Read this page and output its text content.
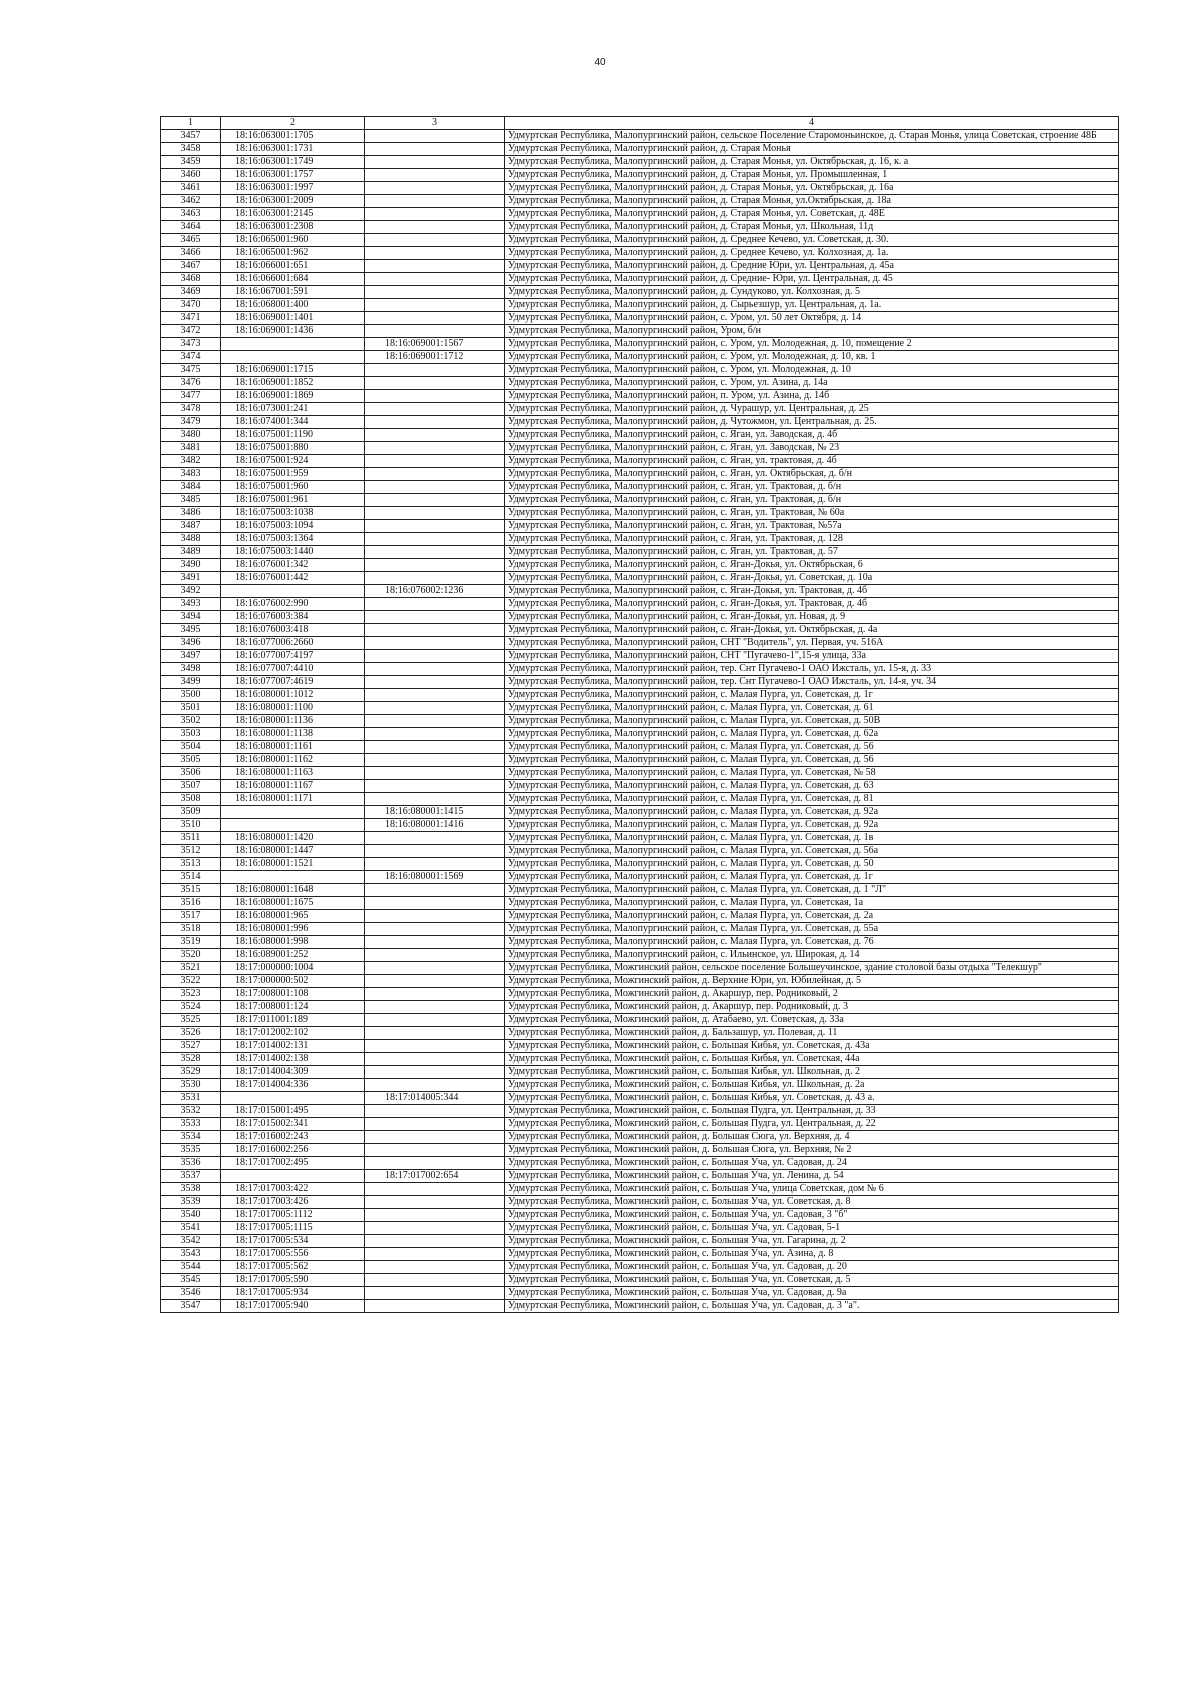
40
1	2	3	4
3457	18:16:063001:1705		Удмуртская Республика, Малопургинский район, сельское Поселение Старомоньинское, д. Старая Монья, улица Советская, строение 48Б
3458	18:16:063001:1731		Удмуртская Республика, Малопургинский район, д. Старая Монья
3459	18:16:063001:1749		Удмуртская Республика, Малопургинский район, д. Старая Монья, ул. Октябрьская, д. 16, к. а
3460	18:16:063001:1757		Удмуртская Республика, Малопургинский район, д. Старая Монья, ул. Промышленная, 1
3461	18:16:063001:1997		Удмуртская Республика, Малопургинский район, д. Старая Монья, ул. Октябрьская, д. 16а
3462	18:16:063001:2009		Удмуртская Республика, Малопургинский район, д. Старая Монья, ул.Октябрьская, д. 18а
3463	18:16:063001:2145		Удмуртская Республика, Малопургинский район, д. Старая Монья, ул. Советская, д. 48Е
3464	18:16:063001:2308		Удмуртская Республика, Малопургинский район, д. Старая Монья, ул. Школьная, 11д
3465	18:16:065001:960		Удмуртская Республика, Малопургинский район, д. Среднее Кечево, ул. Советская, д. 30.
3466	18:16:065001:962		Удмуртская Республика, Малопургинский район, д. Среднее Кечево, ул. Колхозная, д. 1а.
3467	18:16:066001:651		Удмуртская Республика, Малопургинский район, д. Средние Юри, ул. Центральная, д. 45а
3468	18:16:066001:684		Удмуртская Республика, Малопургинский район, д. Средние- Юри, ул. Центральная, д. 45
3469	18:16:067001:591		Удмуртская Республика, Малопургинский район, д. Сундуково, ул. Колхозная, д. 5
3470	18:16:068001:400		Удмуртская Республика, Малопургинский район, д. Сырьезшур, ул. Центральная, д. 1а.
3471	18:16:069001:1401		Удмуртская Республика, Малопургинский район, с. Уром, ул. 50 лет Октября, д. 14
3472	18:16:069001:1436		Удмуртская Республика, Малопургинский район, Уром, б/н
3473		18:16:069001:1567	Удмуртская Республика, Малопургинский район, с. Уром, ул. Молодежная, д. 10, помещение 2
3474		18:16:069001:1712	Удмуртская Республика, Малопургинский район, с. Уром, ул. Молодежная, д. 10, кв. 1
3475	18:16:069001:1715		Удмуртская Республика, Малопургинский район, с. Уром, ул. Молодежная, д. 10
3476	18:16:069001:1852		Удмуртская Республика, Малопургинский район, с. Уром, ул. Азина, д. 14а
3477	18:16:069001:1869		Удмуртская Республика, Малопургинский район, п. Уром, ул. Азина, д. 14б
3478	18:16:073001:241		Удмуртская Республика, Малопургинский район, д. Чурашур, ул. Центральная, д. 25
3479	18:16:074001:344		Удмуртская Республика, Малопургинский район, д. Чутожмон, ул. Центральная, д. 25.
3480	18:16:075001:1190		Удмуртская Республика, Малопургинский район, с. Яган, ул. Заводская, д. 4б
3481	18:16:075001:880		Удмуртская Республика, Малопургинский район, с. Яган, ул. Заводская, № 23
3482	18:16:075001:924		Удмуртская Республика, Малопургинский район, с. Яган, ул. трактовая, д. 4б
3483	18:16:075001:959		Удмуртская Республика, Малопургинский район, с. Яган, ул. Октябрьская, д. б/н
3484	18:16:075001:960		Удмуртская Республика, Малопургинский район, с. Яган, ул. Трактовая, д. б/н
3485	18:16:075001:961		Удмуртская Республика, Малопургинский район, с. Яган, ул. Трактовая, д. б/н
3486	18:16:075003:1038		Удмуртская Республика, Малопургинский район, с. Яган, ул. Трактовая, № 60а
3487	18:16:075003:1094		Удмуртская Республика, Малопургинский район, с. Яган, ул. Трактовая, №57а
3488	18:16:075003:1364		Удмуртская Республика, Малопургинский район, с. Яган, ул. Трактовая, д. 128
3489	18:16:075003:1440		Удмуртская Республика, Малопургинский район, с. Яган, ул. Трактовая, д. 57
3490	18:16:076001:342		Удмуртская Республика, Малопургинский район, с. Яган-Докья, ул. Октябрьская, 6
3491	18:16:076001:442		Удмуртская Республика, Малопургинский район, с. Яган-Докья, ул. Советская, д. 10а
3492		18:16:076002:1236	Удмуртская Республика, Малопургинский район, с. Яган-Докья, ул. Трактовая, д. 4б
3493	18:16:076002:990		Удмуртская Республика, Малопургинский район, с. Яган-Докья, ул. Трактовая, д. 4б
3494	18:16:076003:384		Удмуртская Республика, Малопургинский район, с. Яган-Докья, ул. Новая, д. 9
3495	18:16:076003:418		Удмуртская Республика, Малопургинский район, с. Яган-Докья, ул. Октябрьская, д. 4а
3496	18:16:077006:2660		Удмуртская Республика, Малопургинский район, СНТ "Водитель", ул. Первая, уч. 516А
3497	18:16:077007:4197		Удмуртская Республика, Малопургинский район, СНТ "Пугачево-1",15-я улица, 33а
3498	18:16:077007:4410		Удмуртская Республика, Малопургинский район, тер. Снт Пугачево-1 ОАО Ижсталь, ул. 15-я, д. 33
3499	18:16:077007:4619		Удмуртская Республика, Малопургинский район, тер. Снт Пугачево-1 ОАО Ижсталь, ул. 14-я, уч. 34
3500	18:16:080001:1012		Удмуртская Республика, Малопургинский район, с. Малая Пурга, ул. Советская, д. 1г
3501	18:16:080001:1100		Удмуртская Республика, Малопургинский район, с. Малая Пурга, ул. Советская, д. 61
3502	18:16:080001:1136		Удмуртская Республика, Малопургинский район, с. Малая Пурга, ул. Советская, д. 50В
3503	18:16:080001:1138		Удмуртская Республика, Малопургинский район, с. Малая Пурга, ул. Советская, д. 62а
3504	18:16:080001:1161		Удмуртская Республика, Малопургинский район, с. Малая Пурга, ул. Советская, д. 56
3505	18:16:080001:1162		Удмуртская Республика, Малопургинский район, с. Малая Пурга, ул. Советская, д. 56
3506	18:16:080001:1163		Удмуртская Республика, Малопургинский район, с. Малая Пурга, ул. Советская, № 58
3507	18:16:080001:1167		Удмуртская Республика, Малопургинский район, с. Малая Пурга, ул. Советская, д. 63
3508	18:16:080001:1171		Удмуртская Республика, Малопургинский район, с. Малая Пурга, ул. Советская, д. 81
3509		18:16:080001:1415	Удмуртская Республика, Малопургинский район, с. Малая Пурга, ул. Советская, д. 92а
3510		18:16:080001:1416	Удмуртская Республика, Малопургинский район, с. Малая Пурга, ул. Советская, д. 92а
3511	18:16:080001:1420		Удмуртская Республика, Малопургинский район, с. Малая Пурга, ул. Советская, д. 1в
3512	18:16:080001:1447		Удмуртская Республика, Малопургинский район, с. Малая Пурга, ул. Советская, д. 56а
3513	18:16:080001:1521		Удмуртская Республика, Малопургинский район, с. Малая Пурга, ул. Советская, д. 50
3514		18:16:080001:1569	Удмуртская Республика, Малопургинский район, с. Малая Пурга, ул. Советская, д. 1г
3515	18:16:080001:1648		Удмуртская Республика, Малопургинский район, с. Малая Пурга, ул. Советская, д. 1 "Л"
3516	18:16:080001:1675		Удмуртская Республика, Малопургинский район, с. Малая Пурга, ул. Советская, 1а
3517	18:16:080001:965		Удмуртская Республика, Малопургинский район, с. Малая Пурга, ул. Советская, д. 2а
3518	18:16:080001:996		Удмуртская Республика, Малопургинский район, с. Малая Пурга, ул. Советская, д. 55а
3519	18:16:080001:998		Удмуртская Республика, Малопургинский район, с. Малая Пурга, ул. Советская, д. 76
3520	18:16:089001:252		Удмуртская Республика, Малопургинский район, с. Ильинское, ул. Широкая, д. 14
3521	18:17:000000:1004		Удмуртская Республика, Можгинский район, сельское поселение Большеучинское, здание столовой базы отдыха "Телекшур"
3522	18:17:000000:502		Удмуртская Республика, Можгинский район, д. Верхние Юри, ул. Юбилейная, д. 5
3523	18:17:008001:108		Удмуртская Республика, Можгинский район, д. Акаршур, пер. Родниковый, 2
3524	18:17:008001:124		Удмуртская Республика, Можгинский район, д. Акаршур, пер. Родниковый, д. 3
3525	18:17:011001:189		Удмуртская Республика, Можгинский район, д. Атабаево, ул. Советская, д. 33а
3526	18:17:012002:102		Удмуртская Республика, Можгинский район, д. Бальзашур, ул. Полевая, д. 11
3527	18:17:014002:131		Удмуртская Республика, Можгинский район, с. Большая Кибья, ул. Советская, д. 43а
3528	18:17:014002:138		Удмуртская Республика, Можгинский район, с. Большая Кибья, ул. Советская, 44а
3529	18:17:014004:309		Удмуртская Республика, Можгинский район, с. Большая Кибья, ул. Школьная, д. 2
3530	18:17:014004:336		Удмуртская Республика, Можгинский район, с. Большая Кибья, ул. Школьная, д. 2а
3531		18:17:014005:344	Удмуртская Республика, Можгинский район, с. Большая Кибья, ул. Советская, д. 43 а.
3532	18:17:015001:495		Удмуртская Республика, Можгинский район, с. Большая Пудга, ул. Центральная, д. 33
3533	18:17:015002:341		Удмуртская Республика, Можгинский район, с. Большая Пудга, ул. Центральная, д. 22
3534	18:17:016002:243		Удмуртская Республика, Можгинский район, д. Большая Сюга, ул. Верхняя, д. 4
3535	18:17:016002:256		Удмуртская Республика, Можгинский район, д. Большая Сюга, ул. Верхняя, № 2
3536	18:17:017002:495		Удмуртская Республика, Можгинский район, с. Большая Уча, ул. Садовая, д. 24
3537		18:17:017002:654	Удмуртская Республика, Можгинский район, с. Большая Уча, ул. Ленина, д. 54
3538	18:17:017003:422		Удмуртская Республика, Можгинский район, с. Большая Уча, улица Советская, дом № 6
3539	18:17:017003:426		Удмуртская Республика, Можгинский район, с. Большая Уча, ул. Советская, д. 8
3540	18:17:017005:1112		Удмуртская Республика, Можгинский район, с. Большая Уча, ул. Садовая, 3 "б"
3541	18:17:017005:1115		Удмуртская Республика, Можгинский район, с. Большая Уча, ул. Садовая, 5-1
3542	18:17:017005:534		Удмуртская Республика, Можгинский район, с. Большая Уча, ул. Гагарина, д. 2
3543	18:17:017005:556		Удмуртская Республика, Можгинский район, с. Большая Уча, ул. Азина, д. 8
3544	18:17:017005:562		Удмуртская Республика, Можгинский район, с. Большая Уча, ул. Садовая, д. 20
3545	18:17:017005:590		Удмуртская Республика, Можгинский район, с. Большая Уча, ул. Советская, д. 5
3546	18:17:017005:934		Удмуртская Республика, Можгинский район, с. Большая Уча, ул. Садовая, д. 9а
3547	18:17:017005:940		Удмуртская Республика, Можгинский район, с. Большая Уча, ул. Садовая, д. 3 "а".
